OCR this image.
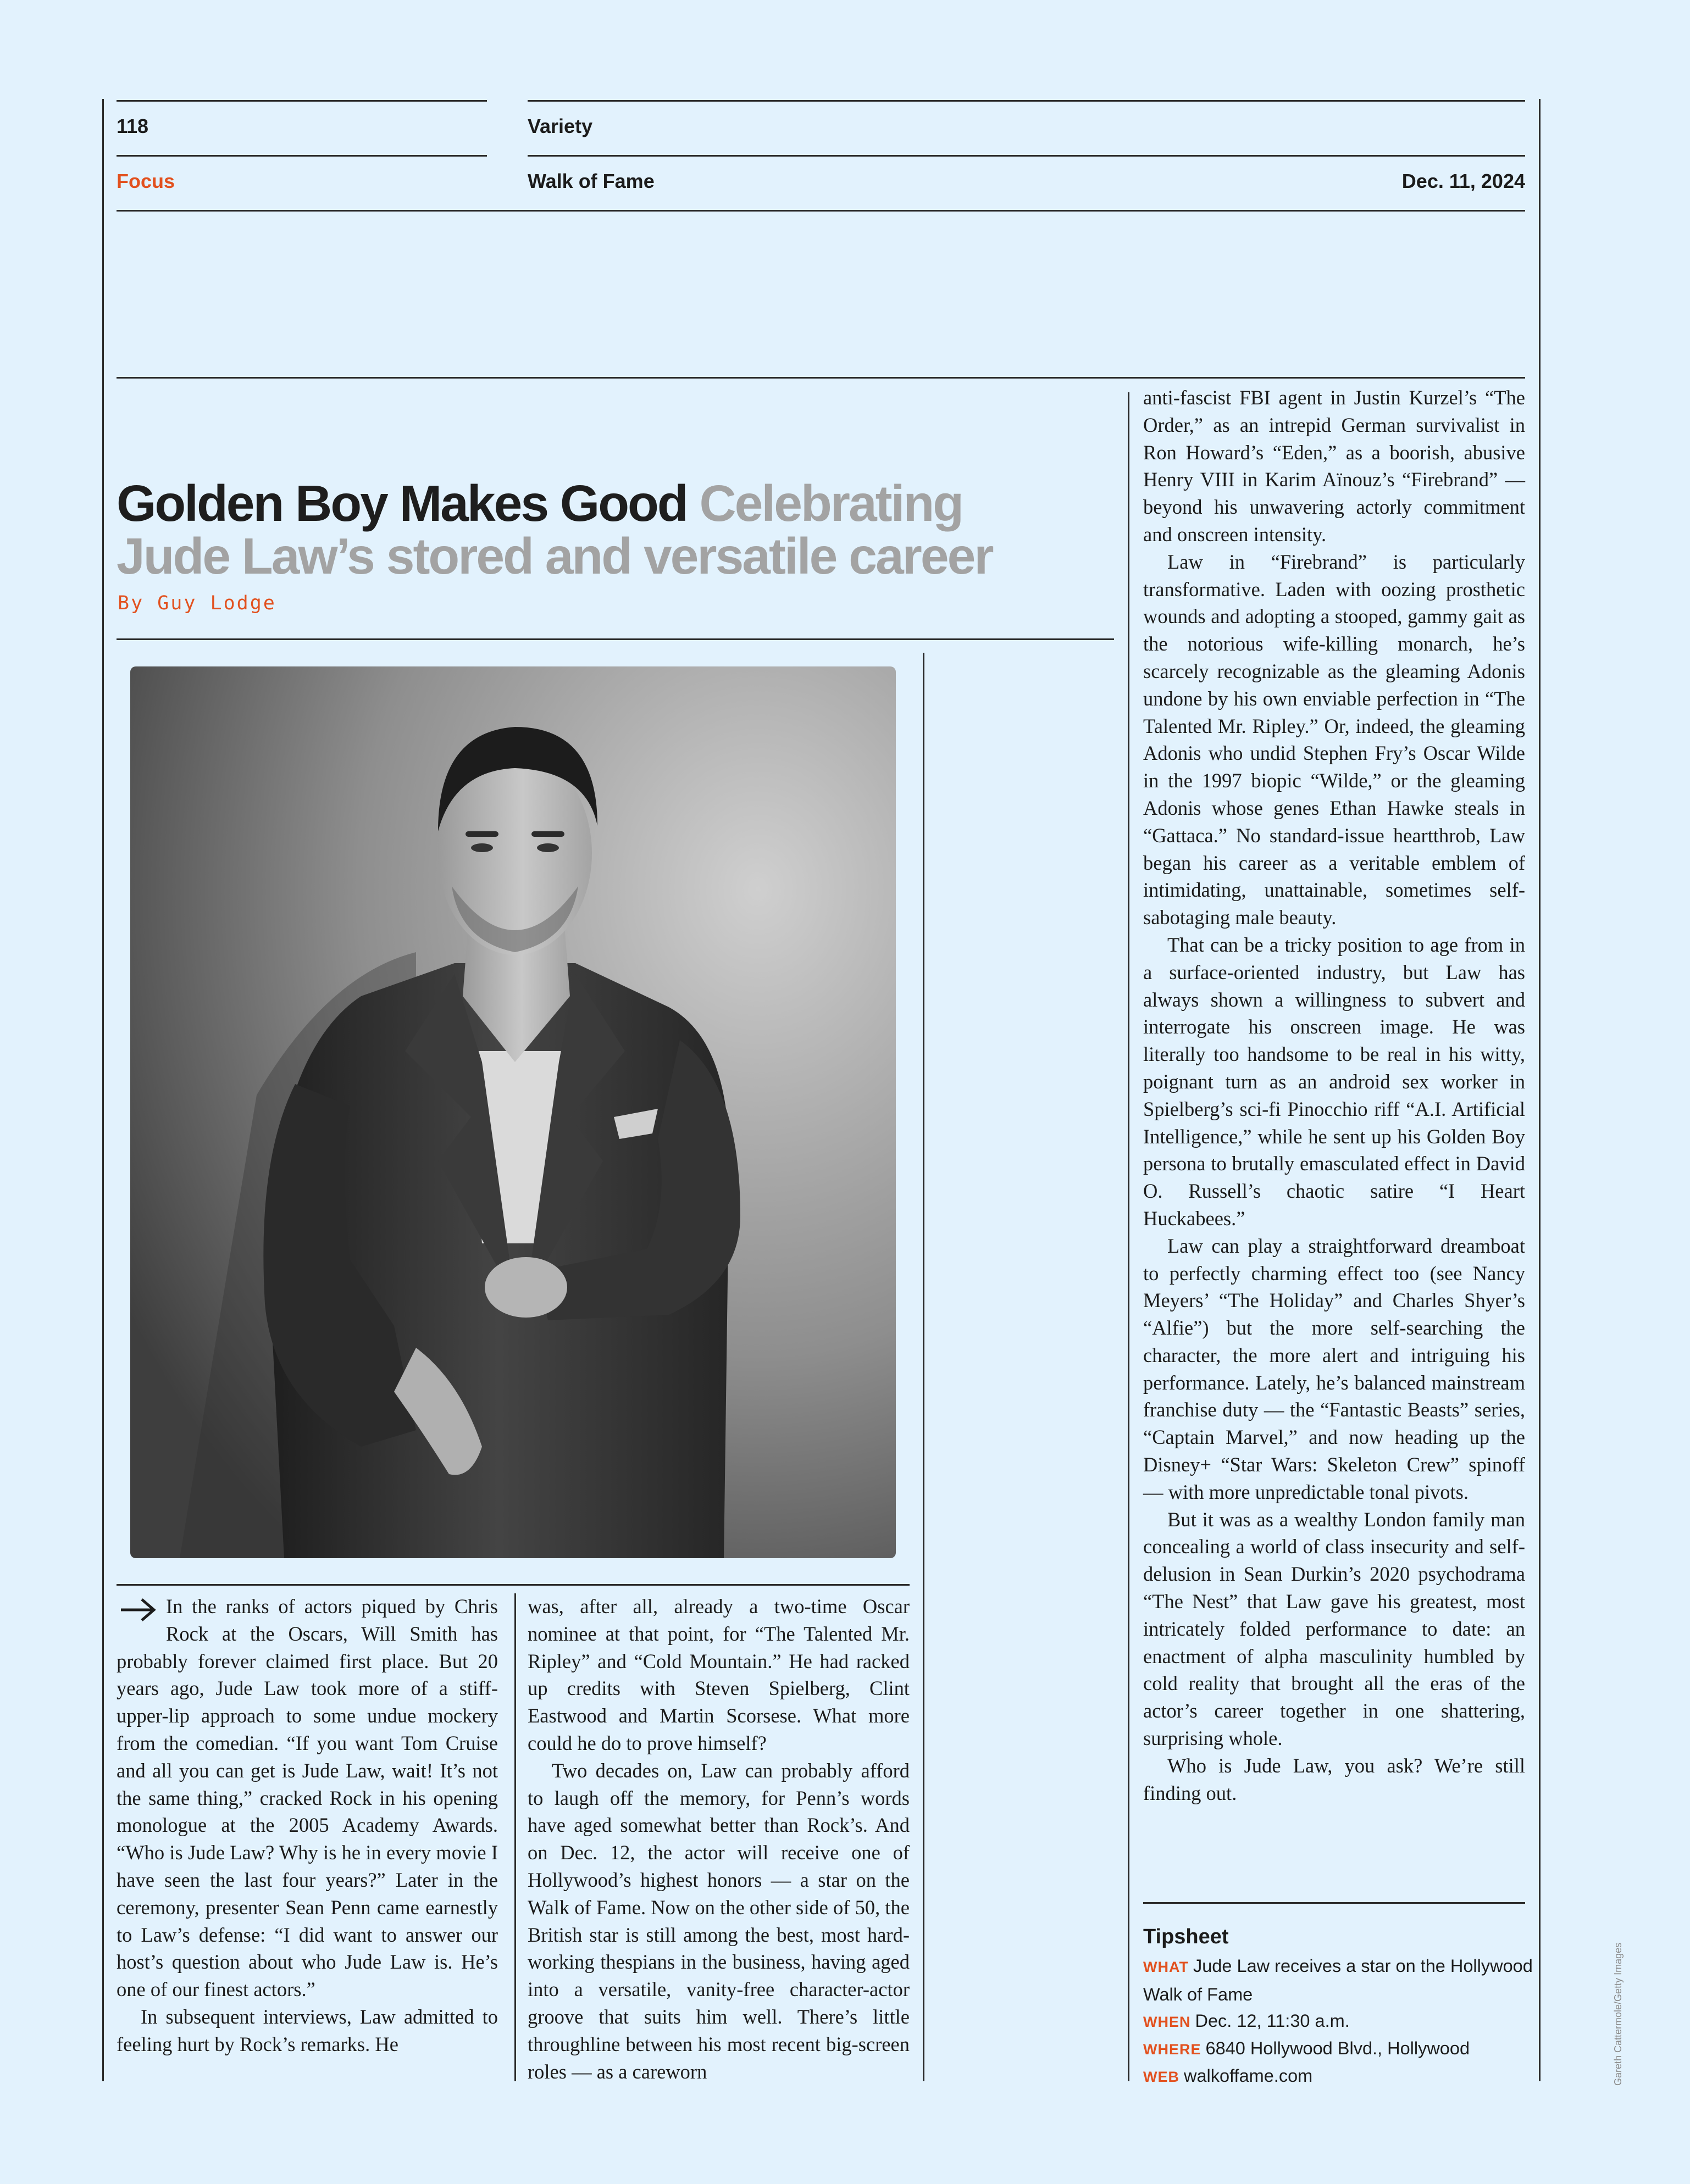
118	Variety
Focus	Walk of Fame	Dec. 11, 2024
Golden Boy Makes Good Celebrating
Jude Law’s stored and versatile career
By Guy Lodge
Gareth Cattermole/Getty Images

In the ranks of actors piqued by Chris Rock at the Oscars, Will Smith has probably forever claimed first place. But 20 years ago, Jude Law took more of a stiff-upper-lip approach to some undue mockery from the comedian. “If you want Tom Cruise and all you can get is Jude Law, wait! It’s not the same thing,” cracked Rock in his opening monologue at the 2005 Academy Awards. “Who is Jude Law? Why is he in every movie I have seen the last four years?” Later in the ceremony, presenter Sean Penn came earnestly to Law’s defense: “I did want to answer our host’s question about who Jude Law is. He’s one of our finest actors.”

In subsequent interviews, Law admitted to feeling hurt by Rock’s remarks. He

was, after all, already a two-time Oscar nominee at that point, for “The Talented Mr. Ripley” and “Cold Mountain.” He had racked up credits with Steven Spielberg, Clint Eastwood and Martin Scorsese. What more could he do to prove himself?

Two decades on, Law can probably afford to laugh off the memory, for Penn’s words have aged somewhat better than Rock’s. And on Dec. 12, the actor will receive one of Hollywood’s highest honors — a star on the Walk of Fame. Now on the other side of 50, the British star is still among the best, most hard-working thespians in the business, having aged into a versatile, vanity-free character-actor groove that suits him well. There’s little throughline between his most recent big-screen roles — as a careworn

anti-fascist FBI agent in Justin Kurzel’s “The Order,” as an intrepid German survivalist in Ron Howard’s “Eden,” as a boorish, abusive Henry VIII in Karim Aïnouz’s “Firebrand” — beyond his unwavering actorly commitment and onscreen intensity.

Law in “Firebrand” is particularly transformative. Laden with oozing prosthetic wounds and adopting a stooped, gammy gait as the notorious wife-killing monarch, he’s scarcely recognizable as the gleaming Adonis undone by his own enviable perfection in “The Talented Mr. Ripley.” Or, indeed, the gleaming Adonis who undid Stephen Fry’s Oscar Wilde in the 1997 biopic “Wilde,” or the gleaming Adonis whose genes Ethan Hawke steals in “Gattaca.” No standard-issue heartthrob, Law began his career as a veritable emblem of intimidating, unattainable, sometimes self-sabotaging male beauty.

That can be a tricky position to age from in a surface-oriented industry, but Law has always shown a willingness to subvert and interrogate his onscreen image. He was literally too handsome to be real in his witty, poignant turn as an android sex worker in Spielberg’s sci-fi Pinocchio riff “A.I. Artificial Intelligence,” while he sent up his Golden Boy persona to brutally emasculated effect in David O. Russell’s chaotic satire “I Heart Huckabees.”

Law can play a straightforward dreamboat to perfectly charming effect too (see Nancy Meyers’ “The Holiday” and Charles Shyer’s “Alfie”) but the more self-searching the character, the more alert and intriguing his performance. Lately, he’s balanced mainstream franchise duty — the “Fantastic Beasts” series, “Captain Marvel,” and now heading up the Disney+ “Star Wars: Skeleton Crew” spinoff — with more unpredictable tonal pivots.

But it was as a wealthy London family man concealing a world of class insecurity and self-delusion in Sean Durkin’s 2020 psychodrama “The Nest” that Law gave his greatest, most intricately folded performance to date: an enactment of alpha masculinity humbled by cold reality that brought all the eras of the actor’s career together in one shattering, surprising whole.

Who is Jude Law, you ask? We’re still finding out.

Tipsheet
WHAT Jude Law receives a star on the Hollywood Walk of Fame
WHEN Dec. 12, 11:30 a.m.
WHERE 6840 Hollywood Blvd., Hollywood
WEB walkoffame.com
